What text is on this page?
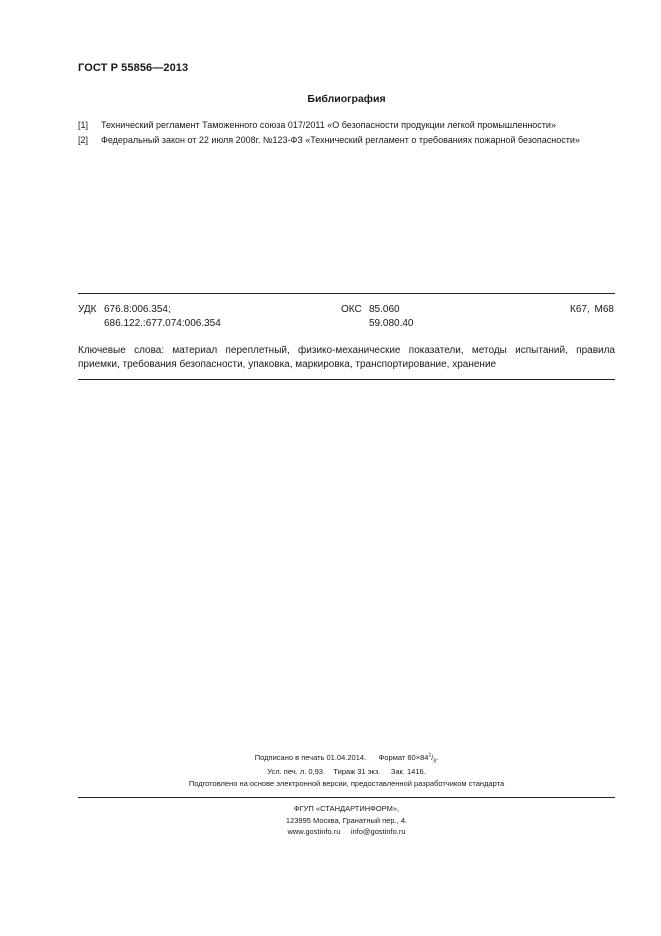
ГОСТ Р 55856—2013
Библиография
[1] Технический регламент Таможенного союза 017/2011 «О безопасности продукции легкой промышленности»
[2] Федеральный закон от 22 июля 2008г. №123-ФЗ «Технический регламент о требованиях пожарной безопасности»
УДК 676.8:006.354;
686.122.:677.074:006.354
ОКС 85.060
59.080.40
К67, М68
Ключевые слова: материал переплетный, физико-механические показатели, методы испытаний, правила приемки, требования безопасности, упаковка, маркировка, транспортирование, хранение
Подписано в печать 01.04.2014. Формат $60\times 84^1/_8$.
Усл. печ. л. 0,93. Тираж 31 экз. Зак. 1416.
Подготовлено на основе электронной версии, предоставленной разработчиком стандарта
ФГУП «СТАНДАРТИНФОРМ»,
123995 Москва, Гранатный пер., 4.
www.gostinfo.ru info@gostinfo.ru
